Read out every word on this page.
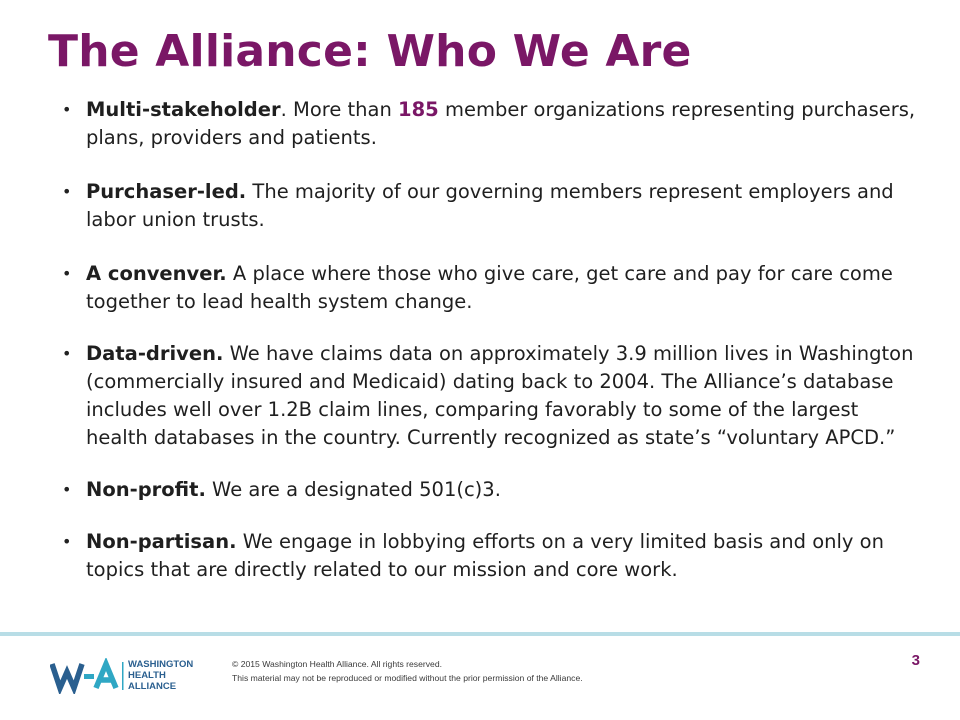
The Alliance: Who We Are
• Multi-stakeholder. More than 185 member organizations representing purchasers, plans, providers and patients.
• Purchaser-led. The majority of our governing members represent employers and labor union trusts.
• A convenver. A place where those who give care, get care and pay for care come together to lead health system change.
• Data-driven. We have claims data on approximately 3.9 million lives in Washington (commercially insured and Medicaid) dating back to 2004. The Alliance’s database includes well over 1.2B claim lines, comparing favorably to some of the largest health databases in the country. Currently recognized as state’s “voluntary APCD.”
• Non-profit. We are a designated 501(c)3.
• Non-partisan. We engage in lobbying efforts on a very limited basis and only on topics that are directly related to our mission and core work.
WASHINGTON
HEALTH
ALLIANCE
© 2015 Washington Health Alliance. All rights reserved.
This material may not be reproduced or modified without the prior permission of the Alliance.
3
